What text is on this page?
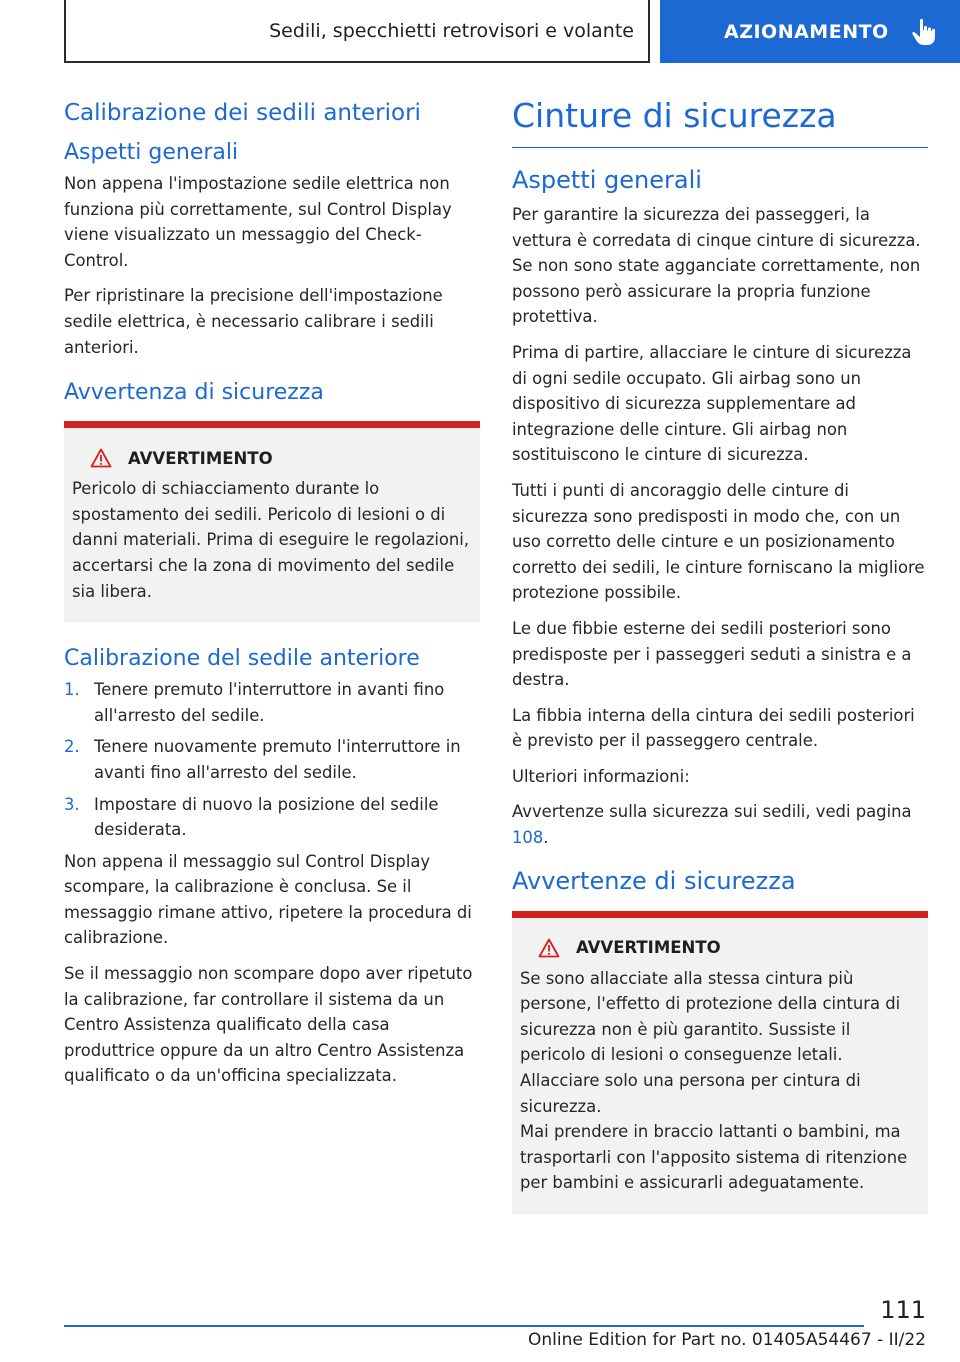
Sedili, specchietti retrovisori e volante	AZIONAMENTO
Calibrazione dei sedili anteriori
Aspetti generali

Non appena l'impostazione sedile elettrica non funziona più correttamente, sul Control Display viene visualizzato un messaggio del Check-Control.

Per ripristinare la precisione dell'impostazione sedile elettrica, è necessario calibrare i sedili anteriori.

Avvertenza di sicurezza
AVVERTIMENTO

Pericolo di schiacciamento durante lo spostamento dei sedili. Pericolo di lesioni o di danni materiali. Prima di eseguire le regolazioni, accertarsi che la zona di movimento del sedile sia libera.

Calibrazione del sedile anteriore
1. Tenere premuto l'interruttore in avanti fino all'arresto del sedile.
2. Tenere nuovamente premuto l'interruttore in avanti fino all'arresto del sedile.
3. Impostare di nuovo la posizione del sedile desiderata.

Non appena il messaggio sul Control Display scompare, la calibrazione è conclusa. Se il messaggio rimane attivo, ripetere la procedura di calibrazione.

Se il messaggio non scompare dopo aver ripetuto la calibrazione, far controllare il sistema da un Centro Assistenza qualificato della casa produttrice oppure da un altro Centro Assistenza qualificato o da un'officina specializzata.

Cinture di sicurezza
Aspetti generali

Per garantire la sicurezza dei passeggeri, la vettura è corredata di cinque cinture di sicurezza. Se non sono state agganciate correttamente, non possono però assicurare la propria funzione protettiva.

Prima di partire, allacciare le cinture di sicurezza di ogni sedile occupato. Gli airbag sono un dispositivo di sicurezza supplementare ad integrazione delle cinture. Gli airbag non sostituiscono le cinture di sicurezza.

Tutti i punti di ancoraggio delle cinture di sicurezza sono predisposti in modo che, con un uso corretto delle cinture e un posizionamento corretto dei sedili, le cinture forniscano la migliore protezione possibile.

Le due fibbie esterne dei sedili posteriori sono predisposte per i passeggeri seduti a sinistra e a destra.

La fibbia interna della cintura dei sedili posteriori è previsto per il passeggero centrale.

Ulteriori informazioni:

Avvertenze sulla sicurezza sui sedili, vedi pagina 108.

Avvertenze di sicurezza
AVVERTIMENTO

Se sono allacciate alla stessa cintura più persone, l'effetto di protezione della cintura di sicurezza non è più garantito. Sussiste il pericolo di lesioni o conseguenze letali. Allacciare solo una persona per cintura di sicurezza.

Mai prendere in braccio lattanti o bambini, ma trasportarli con l'apposito sistema di ritenzione per bambini e assicurarli adeguatamente.

111
Online Edition for Part no. 01405A54467 - II/22
